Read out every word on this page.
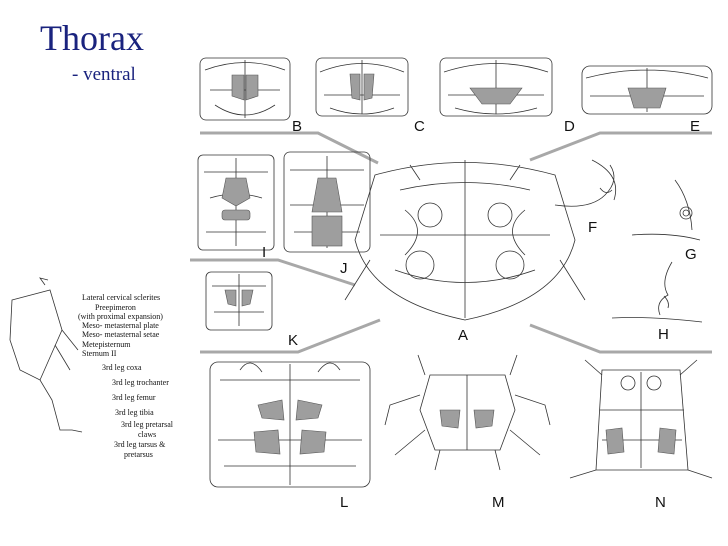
Thorax
- ventral
Lateral cervical sclerites
Preepimeron
(with proximal expansion)
Meso- metasternal plate
Meso- metasternal setae
Metepisternum
Sternum II
3rd leg coxa
3rd leg trochanter
3rd leg femur
3rd leg tibia
3rd leg pretarsal
claws
3rd leg tarsus &
pretarsus
A
B	C	D	E
F
G
H
I
J
K
L	M	N
